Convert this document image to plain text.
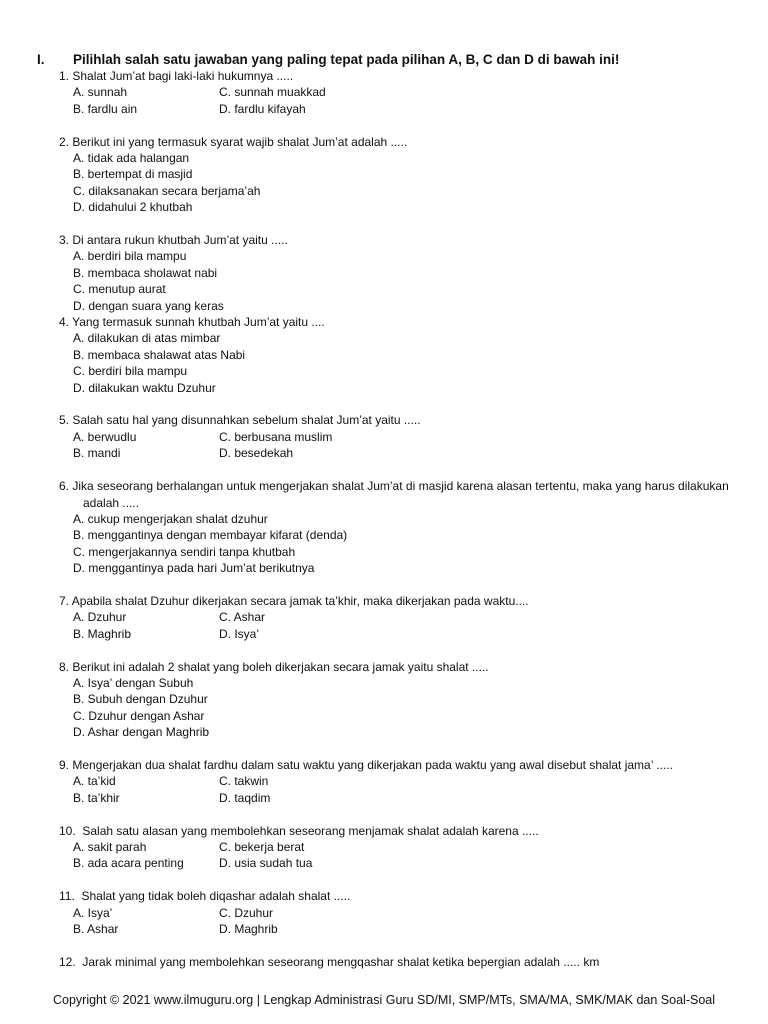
I. Pilihlah salah satu jawaban yang paling tepat pada pilihan A, B, C dan D di bawah ini!
1. Shalat Jum’at bagi laki-laki hukumnya .....
A. sunnah	C. sunnah muakkad
B. fardlu ain	D. fardlu kifayah
2. Berikut ini yang termasuk syarat wajib shalat Jum’at adalah .....
A. tidak ada halangan
B. bertempat di masjid
C. dilaksanakan secara berjama’ah
D. didahului 2 khutbah
3. Di antara rukun khutbah Jum’at yaitu .....
A. berdiri bila mampu
B. membaca sholawat nabi
C. menutup aurat
D. dengan suara yang keras
4. Yang termasuk sunnah khutbah Jum’at yaitu ....
A. dilakukan di atas mimbar
B. membaca shalawat atas Nabi
C. berdiri bila mampu
D. dilakukan waktu Dzuhur
5. Salah satu hal yang disunnahkan sebelum shalat Jum’at yaitu .....
A. berwudlu	C. berbusana muslim
B. mandi	D. besedekah
6. Jika seseorang berhalangan untuk mengerjakan shalat Jum’at di masjid karena alasan tertentu, maka yang harus dilakukan adalah .....
A. cukup mengerjakan shalat dzuhur
B. menggantinya dengan membayar kifarat (denda)
C. mengerjakannya sendiri tanpa khutbah
D. menggantinya pada hari Jum’at berikutnya
7. Apabila shalat Dzuhur dikerjakan secara jamak ta’khir, maka dikerjakan pada waktu....
A. Dzuhur	C. Ashar
B. Maghrib	D. Isya’
8. Berikut ini adalah 2 shalat yang boleh dikerjakan secara jamak yaitu shalat .....
A. Isya’ dengan Subuh
B. Subuh dengan Dzuhur
C. Dzuhur dengan Ashar
D. Ashar dengan Maghrib
9. Mengerjakan dua shalat fardhu dalam satu waktu yang dikerjakan pada waktu yang awal disebut shalat jama’ .....
A. ta’kid	C. takwin
B. ta’khir	D. taqdim
10. Salah satu alasan yang membolehkan seseorang menjamak shalat adalah karena .....
A. sakit parah	C. bekerja berat
B. ada acara penting	D. usia sudah tua
11. Shalat yang tidak boleh diqashar adalah shalat .....
A. Isya’	C. Dzuhur
B. Ashar	D. Maghrib
12. Jarak minimal yang membolehkan seseorang mengqashar shalat ketika bepergian adalah ..... km
Copyright © 2021 www.ilmuguru.org | Lengkap Administrasi Guru SD/MI, SMP/MTs, SMA/MA, SMK/MAK dan Soal-Soal
